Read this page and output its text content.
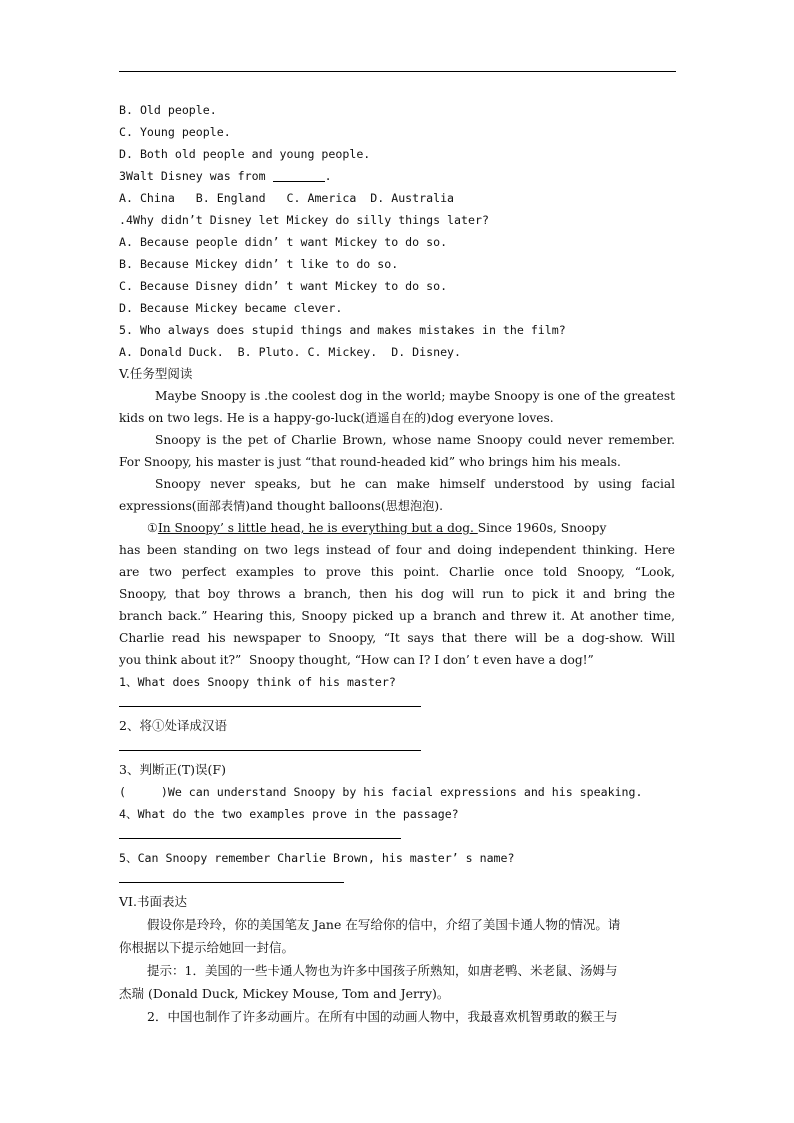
B. Old people.
C. Young people.
D. Both old people and young people.
3Walt Disney was from	.
A. China   B. England   C. America  D. Australia
.4Why didn’t Disney let Mickey do silly things later?
A. Because people didn’ t want Mickey to do so.
B. Because Mickey didn’ t like to do so.
C. Because Disney didn’ t want Mickey to do so.
D. Because Mickey became clever.
5. Who always does stupid things and makes mistakes in the film?
A. Donald Duck.  B. Pluto. C. Mickey.  D. Disney.
V.任务型阅读
Maybe Snoopy is .the coolest dog in the world; maybe Snoopy is one of the greatest
kids on two legs. He is a happy-go-luck(逍遥自在的)dog everyone loves.
Snoopy is the pet of Charlie Brown, whose name Snoopy could never remember.
For Snoopy, his master is just “that round-headed kid” who brings him his meals.
Snoopy never speaks, but he can make himself understood by using facial
expressions(面部表情)and thought balloons(思想泡泡).
①In Snoopy’ s little head, he is everything but a dog. Since 1960s, Snoopy
has been standing on two legs instead of four and doing independent thinking. Here
are two perfect examples to prove this point. Charlie once told Snoopy, “Look,
Snoopy, that boy throws a branch, then his dog will run to pick it and bring the
branch back.” Hearing this, Snoopy picked up a branch and threw it. At another time,
Charlie read his newspaper to Snoopy, “It says that there will be a dog-show. Will
you think about it?”  Snoopy thought, “How can I? I don’ t even have a dog!”
1、What does Snoopy think of his master?
2、将①处译成汉语
3、判断正(T)误(F)
(     )We can understand Snoopy by his facial expressions and his speaking.
4、What do the two examples prove in the passage?
5、Can Snoopy remember Charlie Brown, his master’ s name?
VI.书面表达
假设你是玲玲，你的美国笔友 Jane 在写给你的信中，介绍了美国卡通人物的情况。请
你根据以下提示给她回一封信。
提示：1．美国的一些卡通人物也为许多中国孩子所熟知，如唐老鸭、米老鼠、汤姆与
杰瑞 (Donald Duck, Mickey Mouse, Tom and Jerry)。
2．中国也制作了许多动画片。在所有中国的动画人物中，我最喜欢机智勇敢的猴王与
